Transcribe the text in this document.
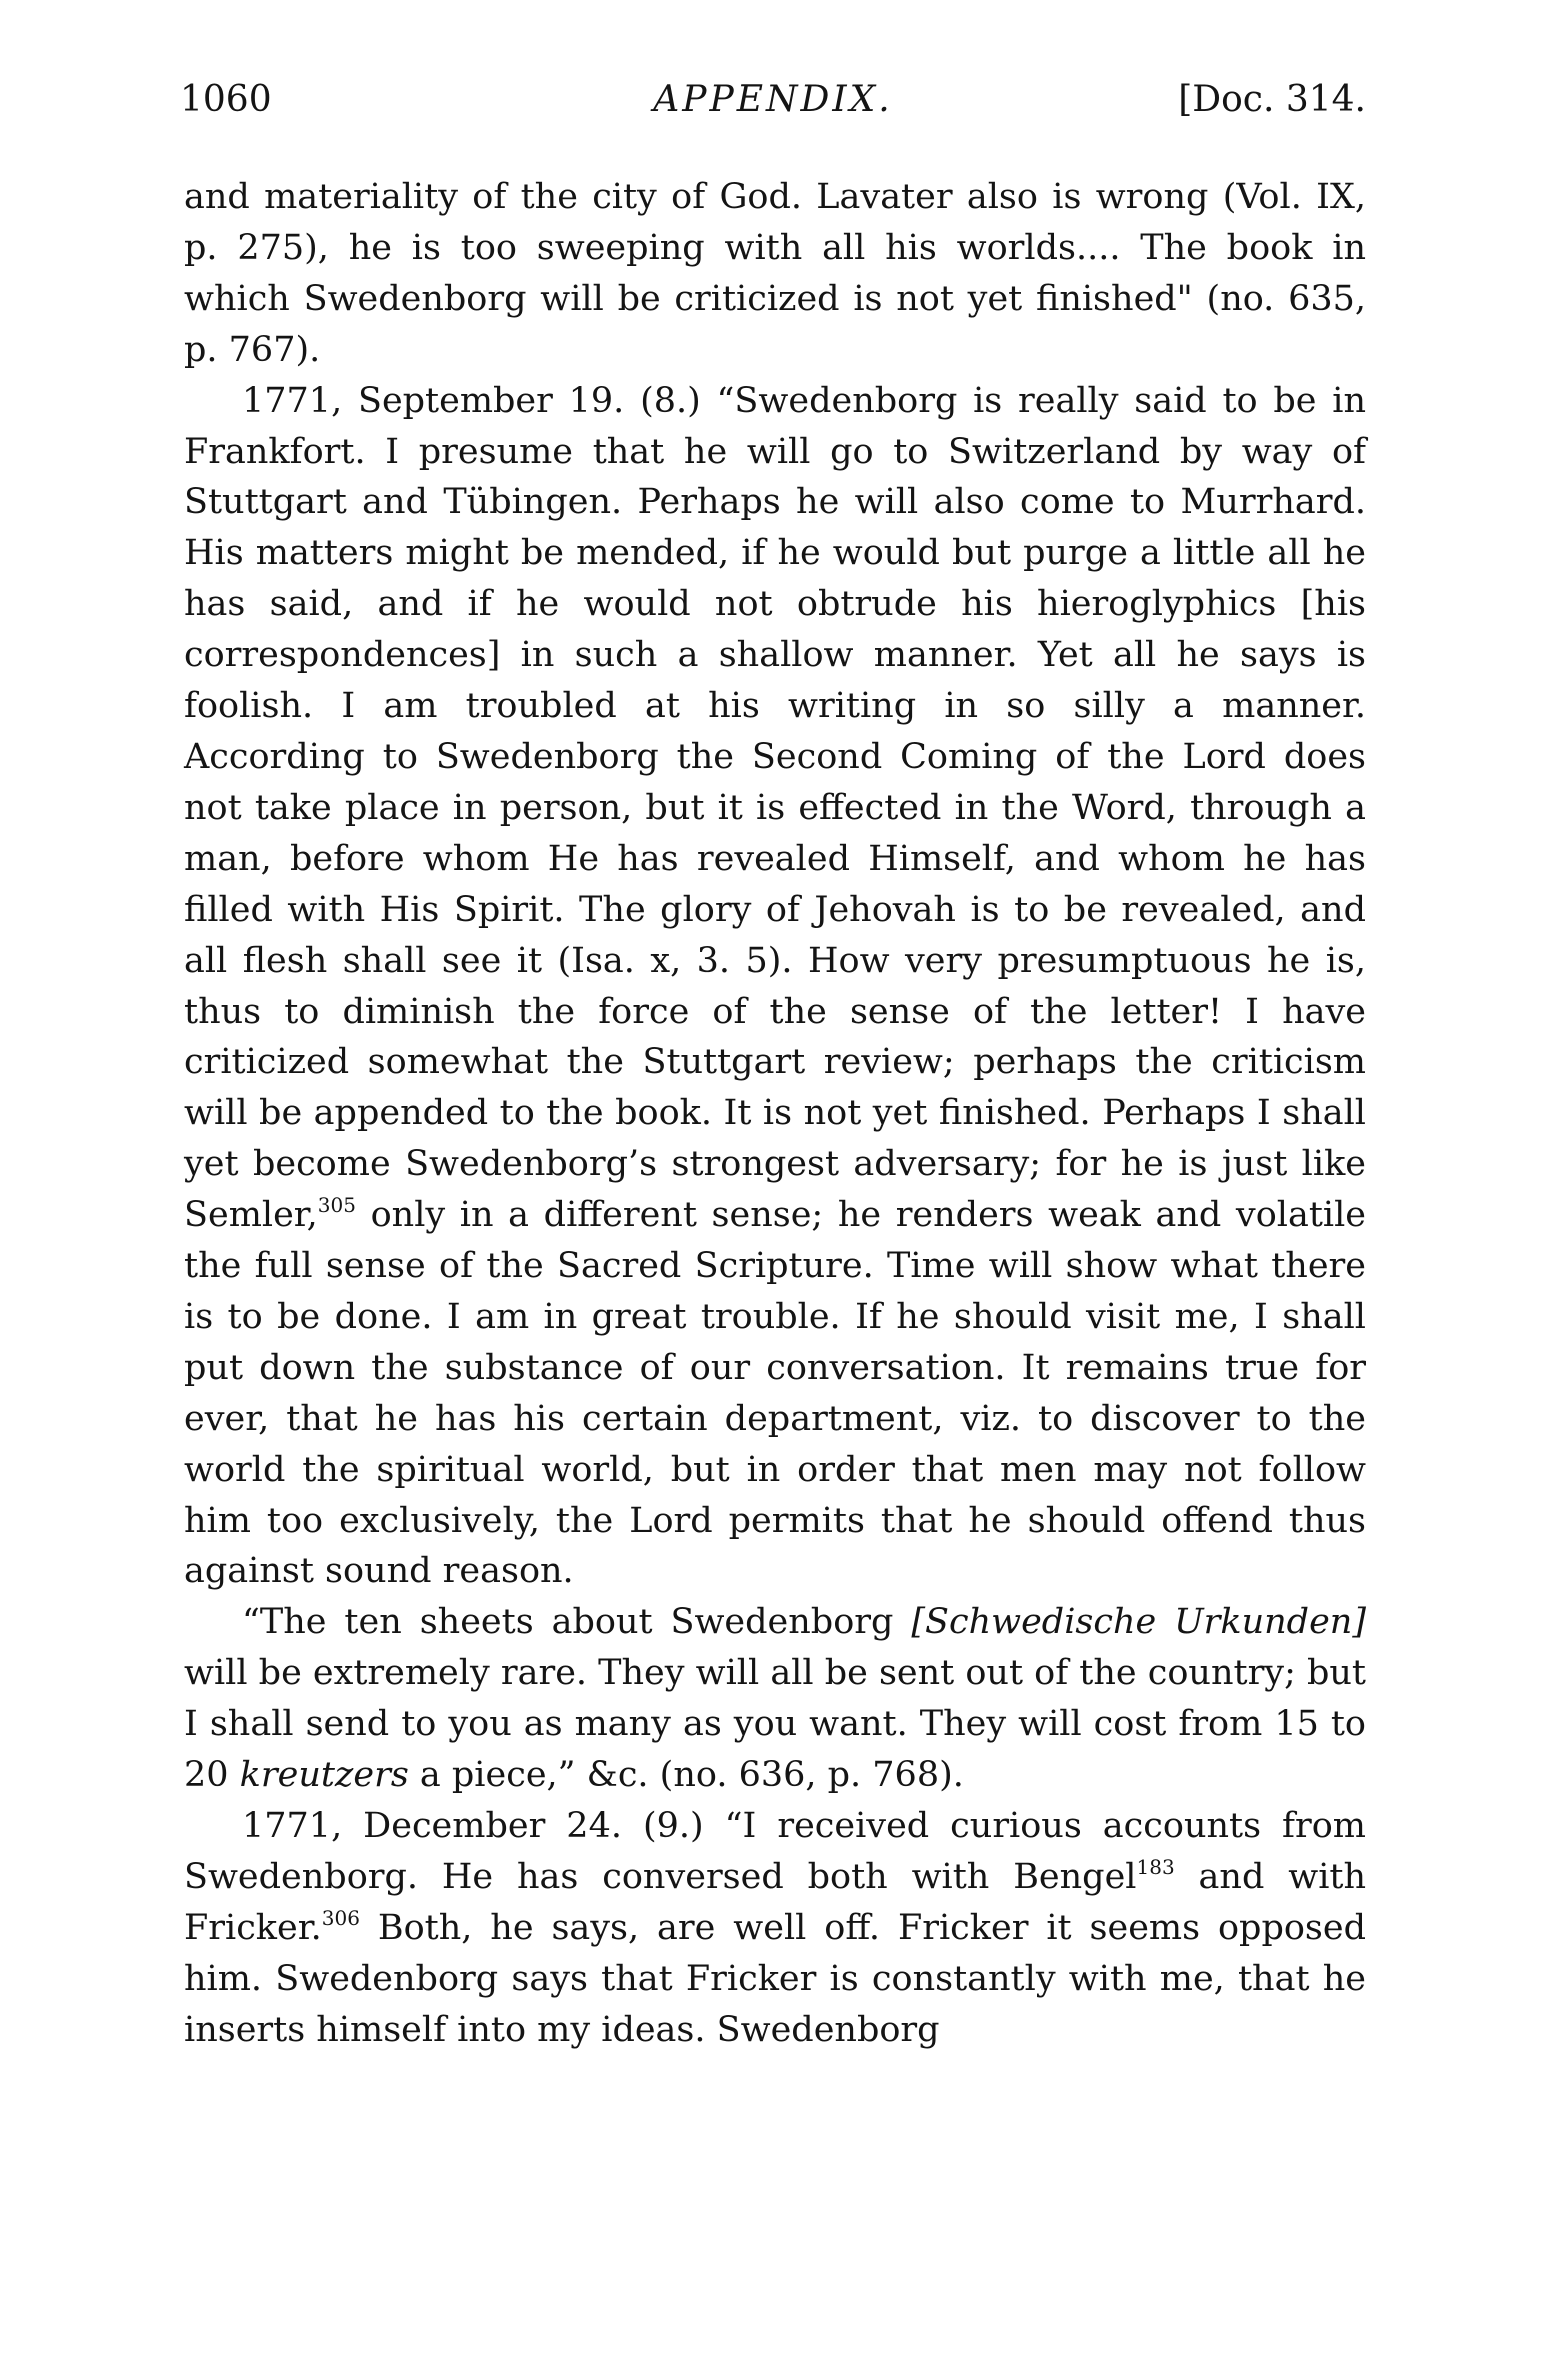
1060	APPENDIX.	[Doc. 314.

and materiality of the city of God. Lavater also is wrong (Vol. IX, p. 275), he is too sweeping with all his worlds.... The book in which Swedenborg will be criticized is not yet finished" (no. 635, p. 767).

1771, September 19. (8.) “Swedenborg is really said to be in Frankfort. I presume that he will go to Switzerland by way of Stuttgart and Tübingen. Perhaps he will also come to Murrhard. His matters might be mended, if he would but purge a little all he has said, and if he would not obtrude his hieroglyphics [his correspondences] in such a shallow manner. Yet all he says is foolish. I am troubled at his writing in so silly a manner. According to Swedenborg the Second Coming of the Lord does not take place in person, but it is effected in the Word, through a man, before whom He has revealed Himself, and whom he has filled with His Spirit. The glory of Jehovah is to be revealed, and all flesh shall see it (Isa. x, 3. 5). How very presumptuous he is, thus to diminish the force of the sense of the letter! I have criticized somewhat the Stuttgart review; perhaps the criticism will be appended to the book. It is not yet finished. Perhaps I shall yet become Swedenborg’s strongest adversary; for he is just like Semler,$^{305}$ only in a different sense; he renders weak and volatile the full sense of the Sacred Scripture. Time will show what there is to be done. I am in great trouble. If he should visit me, I shall put down the substance of our conversation. It remains true for ever, that he has his certain department, viz. to discover to the world the spiritual world, but in order that men may not follow him too exclusively, the Lord permits that he should offend thus against sound reason.

“The ten sheets about Swedenborg [Schwedische Urkunden] will be extremely rare. They will all be sent out of the country; but I shall send to you as many as you want. They will cost from 15 to 20 kreutzers a piece,” &c. (no. 636, p. 768).

1771, December 24. (9.) “I received curious accounts from Swedenborg. He has conversed both with Bengel$^{183}$ and with Fricker.$^{306}$ Both, he says, are well off. Fricker it seems opposed him. Swedenborg says that Fricker is constantly with me, that he inserts himself into my ideas. Swedenborg
